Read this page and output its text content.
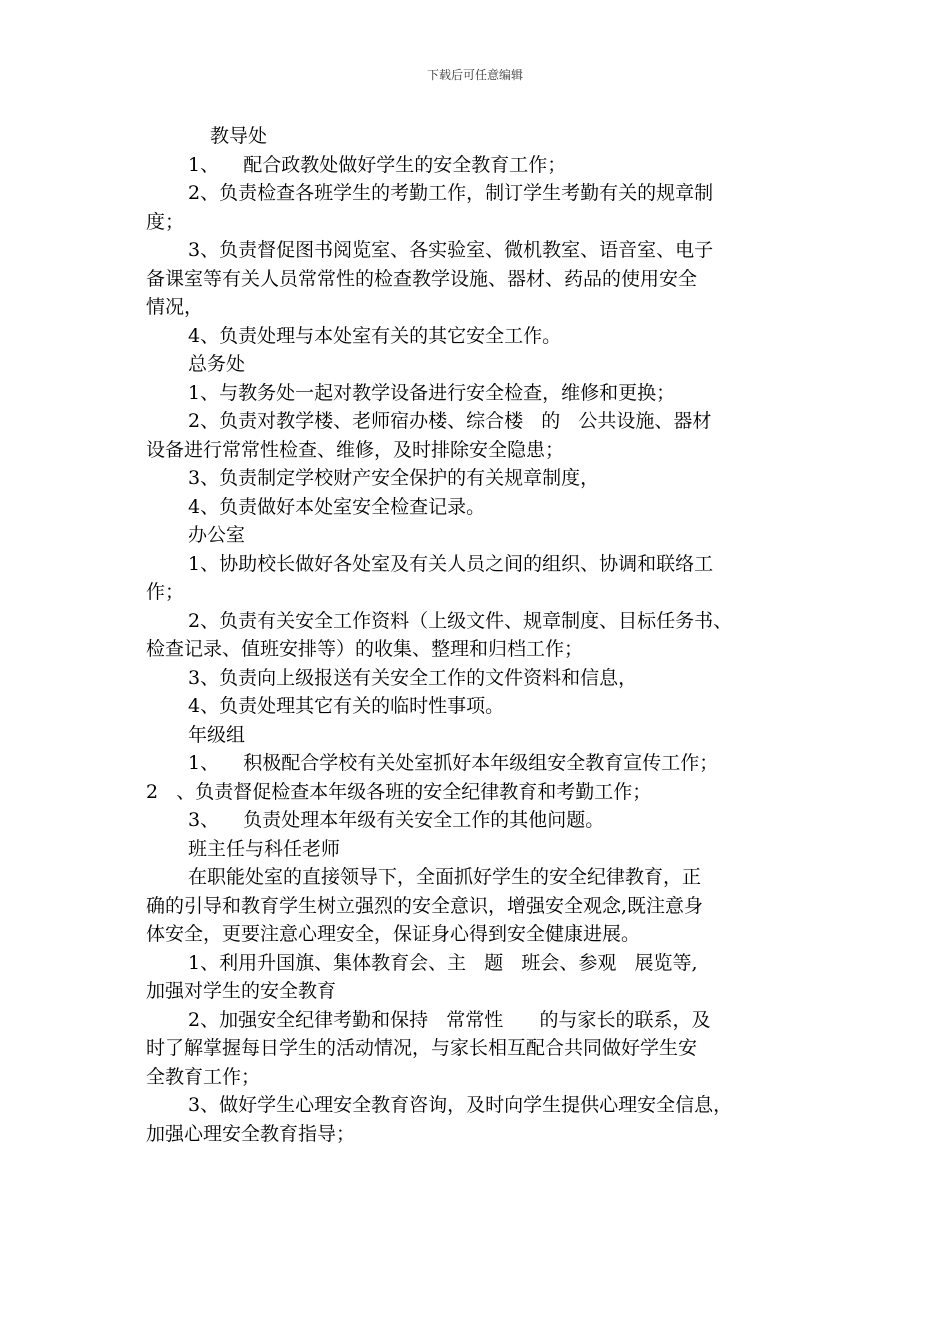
下载后可任意编辑
教导处
1、    配合政教处做好学生的安全教育工作；
2、负责检查各班学生的考勤工作，制订学生考勤有关的规章制
度；
3、负责督促图书阅览室、各实验室、微机教室、语音室、电子
备课室等有关人员常常性的检查教学设施、器材、药品的使用安全
情况，
4、负责处理与本处室有关的其它安全工作。
总务处
1、与教务处一起对教学设备进行安全检查，维修和更换；
2、负责对教学楼、老师宿办楼、综合楼   的   公共设施、器材
设备进行常常性检查、维修，及时排除安全隐患；
3、负责制定学校财产安全保护的有关规章制度，
4、负责做好本处室安全检查记录。
办公室
1、协助校长做好各处室及有关人员之间的组织、协调和联络工
作；
2、负责有关安全工作资料（上级文件、规章制度、目标任务书、
检查记录、值班安排等）的收集、整理和归档工作；
3、负责向上级报送有关安全工作的文件资料和信息，
4、负责处理其它有关的临时性事项。
年级组
1、    积极配合学校有关处室抓好本年级组安全教育宣传工作；
2   、负责督促检查本年级各班的安全纪律教育和考勤工作；
3、    负责处理本年级有关安全工作的其他问题。
班主任与科任老师
在职能处室的直接领导下，全面抓好学生的安全纪律教育，正
确的引导和教育学生树立强烈的安全意识，增强安全观念,既注意身
体安全，更要注意心理安全，保证身心得到安全健康进展。
1、利用升国旗、集体教育会、主   题   班会、参观   展览等,
加强对学生的安全教育
2、加强安全纪律考勤和保持   常常性      的与家长的联系，及
时了解掌握每日学生的活动情况，与家长相互配合共同做好学生安
全教育工作；
3、做好学生心理安全教育咨询，及时向学生提供心理安全信息，
加强心理安全教育指导；
